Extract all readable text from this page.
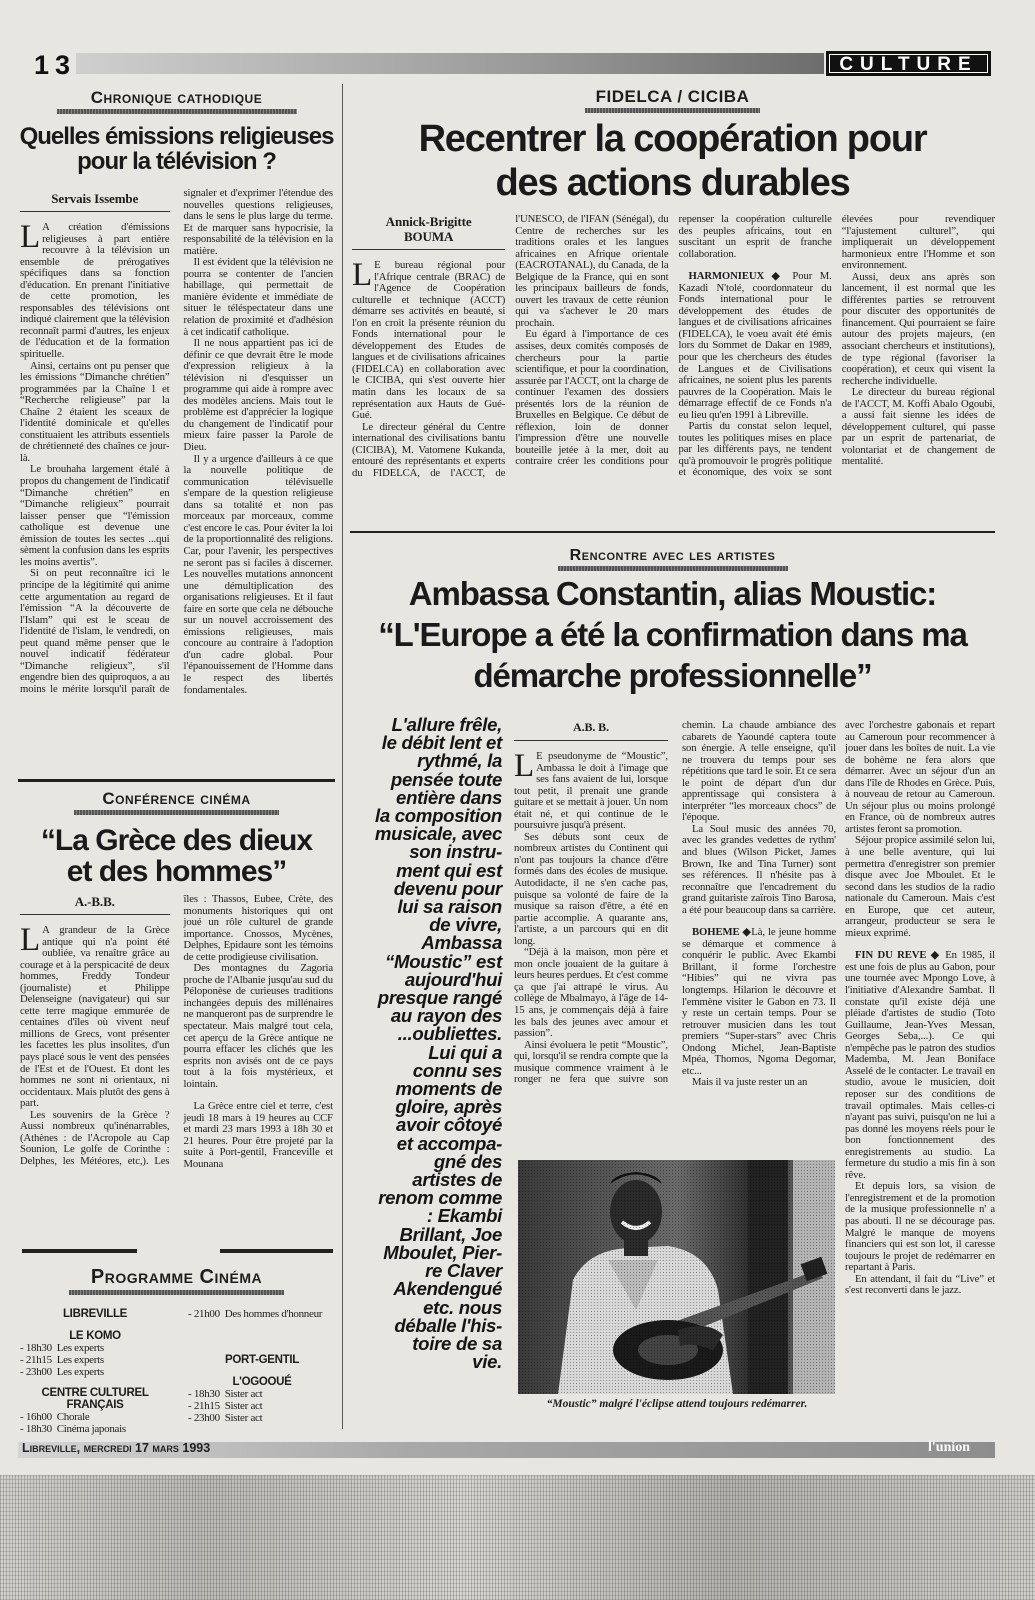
13	CULTURE
Chronique cathodique
Quelles émissions religieuses
pour la télévision ?
Servais Issembe

L A création d'émissions religieuses à part entière recouvre à la télévision un ensemble de prérogatives spécifiques dans sa fonction d'éducation. En prenant l'initiative de cette promotion, les responsables des télévisions ont indiqué clairement que la télévision reconnaît parmi d'autres, les enjeux de l'éducation et de la formation spirituelle.

Ainsi, certains ont pu penser que les émissions “Dimanche chrétien” programmées par la Chaîne 1 et “Recherche religieuse” par la Chaîne 2 étaient les sceaux de l'identité dominicale et qu'elles constituaient les attributs essentiels de chrétienneté des chaînes ce jour-là.

Le brouhaha largement étalé à propos du changement de l'indicatif “Dimanche chrétien” en “Dimanche religieux” pourrait laisser penser que “l'émission catholique est devenue une émission de toutes les sectes ...qui sèment la confusion dans les esprits les moins avertis”.

Si on peut reconnaître ici le principe de la légitimité qui anime cette argumentation au regard de l'émission “A la découverte de l'Islam” qui est le sceau de l'identité de l'islam, le vendredi, on peut quand même penser que le nouvel indicatif fédérateur “Dimanche religieux”, s'il engendre bien des quiproquos, a au moins le mérite lorsqu'il paraît de signaler et d'exprimer l'étendue des nouvelles questions religieuses, dans le sens le plus large du terme. Et de marquer sans hypocrisie, la responsabilité de la télévision en la matière.

Il est évident que la télévision ne pourra se contenter de l'ancien habillage, qui permettait de manière évidente et immédiate de situer le téléspectateur dans une relation de proximité et d'adhésion à cet indicatif catholique.

Il ne nous appartient pas ici de définir ce que devrait être le mode d'expression religieux à la télévision ni d'esquisser un programme qui aide à rompre avec des modèles anciens. Mais tout le problème est d'apprécier la logique du changement de l'indicatif pour mieux faire passer la Parole de Dieu.

Il y a urgence d'ailleurs à ce que la nouvelle politique de communication télévisuelle s'empare de la question religieuse dans sa totalité et non pas morceaux par morceaux, comme c'est encore le cas. Pour éviter la loi de la proportionnalité des religions. Car, pour l'avenir, les perspectives ne seront pas si faciles à discerner. Les nouvelles mutations annoncent une démultiplication des organisations religieuses. Et il faut faire en sorte que cela ne débouche sur un nouvel accroissement des émissions religieuses, mais concoure au contraire à l'adoption d'un cadre global. Pour l'épanouissement de l'Homme dans le respect des libertés fondamentales.

Conférence cinéma
“La Grèce des dieux
et des hommes”
A.-B.B.

L A grandeur de la Grèce antique qui n'a point été oubliée, va renaître grâce au courage et à la perspicacité de deux hommes, Freddy Tondeur (journaliste) et Philippe Delenseigne (navigateur) qui sur cette terre magique emmurée de centaines d'îles où vivent neuf millions de Grecs, vont présenter les facettes les plus insolites, d'un pays placé sous le vent des pensées de l'Est et de l'Ouest. Et dont les hommes ne sont ni orientaux, ni occidentaux. Mais plutôt des gens à part.

Les souvenirs de la Grèce ? Aussi nombreux qu'inénarrables, (Athènes : de l'Acropole au Cap Sounion, Le golfe de Corinthe : Delphes, les Météores, etc,). Les îles : Thassos, Eubee, Crète, des monuments historiques qui ont joué un rôle culturel de grande importance. Cnossos, Mycènes, Delphes, Epidaure sont les témoins de cette prodigieuse civilisation.

Des montagnes du Zagoria proche de l'Albanie jusqu'au sud du Péloponèse de curieuses traditions inchangées depuis des millénaires ne manqueront pas de surprendre le spectateur. Mais malgré tout cela, cet aperçu de la Grèce antique ne pourra effacer les clichés que les esprits non avisés ont de ce pays tout à la fois mystérieux, et lointain.

La Grèce entre ciel et terre, c'est jeudi 18 mars à 19 heures au CCF et mardi 23 mars 1993 à 18h 30 et 21 heures. Pour être projeté par la suite à Port-gentil, Franceville et Mounana

Programme Cinéma
LIBREVILLE
LE KOMO
- 18h30 Les experts
- 21h15 Les experts
- 23h00 Les experts
CENTRE CULTUREL FRANÇAIS
- 16h00 Chorale
- 18h30 Cinéma japonais
- 21h00 Des hommes d'honneur
PORT-GENTIL
L'OGOOUÉ
- 18h30 Sister act
- 21h15 Sister act
- 23h00 Sister act
FIDELCA / CICIBA
Recentrer la coopération pour
des actions durables
Annick-Brigitte
BOUMA

L E bureau régional pour l'Afrique centrale (BRAC) de l'Agence de Coopération culturelle et technique (ACCT) démarre ses activités en beauté, si l'on en croit la présente réunion du Fonds international pour le développement des Etudes de langues et de civilisations africaines (FIDELCA) en collaboration avec le CICIBA, qui s'est ouverte hier matin dans les locaux de sa représentation aux Hauts de Gué-Gué.

Le directeur général du Centre international des civilisations bantu (CICIBA), M. Vatomene Kukanda, entouré des représentants et experts du FIDELCA, de l'ACCT, de l'UNESCO, de l'IFAN (Sénégal), du Centre de recherches sur les traditions orales et les langues africaines en Afrique orientale (EACROTANAL), du Canada, de la Belgique de la France, qui en sont les principaux bailleurs de fonds, ouvert les travaux de cette réunion qui va s'achever le 20 mars prochain.

Eu égard à l'importance de ces assises, deux comités composés de chercheurs pour la partie scientifique, et pour la coordination, assurée par l'ACCT, ont la charge de continuer l'examen des dossiers présentés lors de la réunion de Bruxelles en Belgique. Ce début de réflexion, loin de donner l'impression d'être une nouvelle bouteille jetée à la mer, doit au contraire créer les conditions pour repenser la coopération culturelle des peuples africains, tout en suscitant un esprit de franche collaboration.

HARMONIEUX ◆ Pour M. Kazadi N'tolé, coordonnateur du Fonds international pour le développement des études de langues et de civilisations africaines (FIDELCA), le voeu avait été émis lors du Sommet de Dakar en 1989, pour que les chercheurs des études de Langues et de Civilisations africaines, ne soient plus les parents pauvres de la Coopération. Mais le démarrage effectif de ce Fonds n'a eu lieu qu'en 1991 à Libreville.

Partis du constat selon lequel, toutes les politiques mises en place par les différents pays, ne tendent qu'à promouvoir le progrès politique et économique, des voix se sont élevées pour revendiquer “l'ajustement culturel”, qui impliquerait un développement harmonieux entre l'Homme et son environnement.

Aussi, deux ans après son lancement, il est normal que les différentes parties se retrouvent pour discuter des opportunités de financement. Qui pourraient se faire autour des projets majeurs, (en associant chercheurs et institutions), de type régional (favoriser la coopération), et ceux qui visent la recherche individuelle.

Le directeur du bureau régional de l'ACCT, M. Koffi Abalo Ogoubi, a aussi fait sienne les idées de développement culturel, qui passe par un esprit de partenariat, de volontariat et de changement de mentalité.

Rencontre avec les artistes
Ambassa Constantin, alias Moustic:
“L'Europe a été la confirmation dans ma
démarche professionnelle”
L'allure frêle,
le débit lent et
rythmé, la
pensée toute
entière dans
la composition
musicale, avec
son instru-
ment qui est
devenu pour
lui sa raison
de vivre,
Ambassa
“Moustic” est
aujourd'hui
presque rangé
au rayon des
...oubliettes.
Lui qui a
connu ses
moments de
gloire, après
avoir côtoyé
et accompa-
gné des
artistes de
renom comme
: Ekambi
Brillant, Joe
Mboulet, Pier-
re Claver
Akendengué
etc. nous
déballe l'his-
toire de sa
vie.
A.B. B.

L E pseudonyme de “Moustic”, Ambassa le doit à l'image que ses fans avaient de lui, lorsque tout petit, il prenait une grande guitare et se mettait à jouer. Un nom était né, et qui continue de le poursuivre jusqu'à présent.

Ses débuts sont ceux de nombreux artistes du Continent qui n'ont pas toujours la chance d'être formés dans des écoles de musique. Autodidacte, il ne s'en cache pas, puisque sa volonté de faire de la musique sa raison d'être, a été en partie accomplie. A quarante ans, l'artiste, a un parcours qui en dit long.

“Déjà à la maison, mon père et mon oncle jouaient de la guitare à leurs heures perdues. Et c'est comme ça que j'ai attrapé le virus. Au collège de Mbalmayo, à l'âge de 14-15 ans, je commençais déjà à faire les bals des jeunes avec amour et passion”.

Ainsi évoluera le petit “Moustic”, qui, lorsqu'il se rendra compte que la musique commence vraiment à le ronger ne fera que suivre son chemin. La chaude ambiance des cabarets de Yaoundé captera toute son énergie. A telle enseigne, qu'il ne trouvera du temps pour ses répétitions que tard le soir. Et ce sera le point de départ d'un dur apprentissage qui consistera à interpréter “les morceaux chocs” de l'époque.

La Soul music des années 70, avec les grandes vedettes de rythm' and blues (Wilson Picket, James Brown, Ike and Tina Turner) sont ses références. Il n'hésite pas à reconnaître que l'encadrement du grand guitariste zaïrois Tino Barosa, a été pour beaucoup dans sa carrière.

BOHEME ◆Là, le jeune homme se démarque et commence à conquérir le public. Avec Ekambi Brillant, il forme l'orchestre “Hibies” qui ne vivra pas longtemps. Hilarion le découvre et l'emmène visiter le Gabon en 73. Il y reste un certain temps. Pour se retrouver musicien dans les tout premiers “Super-stars” avec Chris Ondong Michel, Jean-Baptiste Mpéa, Thomos, Ngoma Degomar, etc...

Mais il va juste rester un an

avec l'orchestre gabonais et repart au Cameroun pour recommencer à jouer dans les boîtes de nuit. La vie de bohème ne fera alors que démarrer. Avec un séjour d'un an dans l'île de Rhodes en Grèce. Puis, à nouveau de retour au Cameroun. Un séjour plus ou moins prolongé en France, où de nombreux autres artistes feront sa promotion.

Séjour propice assimilé selon lui, à une belle aventure, qui lui permettra d'enregistrer son premier disque avec Joe Mboulet. Et le second dans les studios de la radio nationale du Cameroun. Mais c'est en Europe, que cet auteur, arrangeur, producteur se sera le mieux exprimé.

FIN DU REVE ◆ En 1985, il est une fois de plus au Gabon, pour une tournée avec Mpongo Love, à l'initiative d'Alexandre Sambat. Il constate qu'il existe déjà une pléiade d'artistes de studio (Toto Guillaume, Jean-Yves Messan, Georges Seba,...). Ce qui n'empêche pas le patron des studios Mademba, M. Jean Boniface Asselé de le contacter. Le travail en studio, avoue le musicien, doit reposer sur des conditions de travail optimales. Mais celles-ci n'ayant pas suivi, puisqu'on ne lui a pas donné les moyens réels pour le bon fonctionnement des enregistrements au studio. La fermeture du studio a mis fin à son rêve.

Et depuis lors, sa vision de l'enregistrement et de la promotion de la musique professionnelle n' a pas abouti. Il ne se décourage pas. Malgré le manque de moyens financiers qui est son lot, il caresse toujours le projet de redémarrer en repartant à Paris.

En attendant, il fait du “Live” et s'est reconverti dans le jazz.

“Moustic” malgré l'éclipse attend toujours redémarrer.
Libreville, mercredi 17 mars 1993	l'union
